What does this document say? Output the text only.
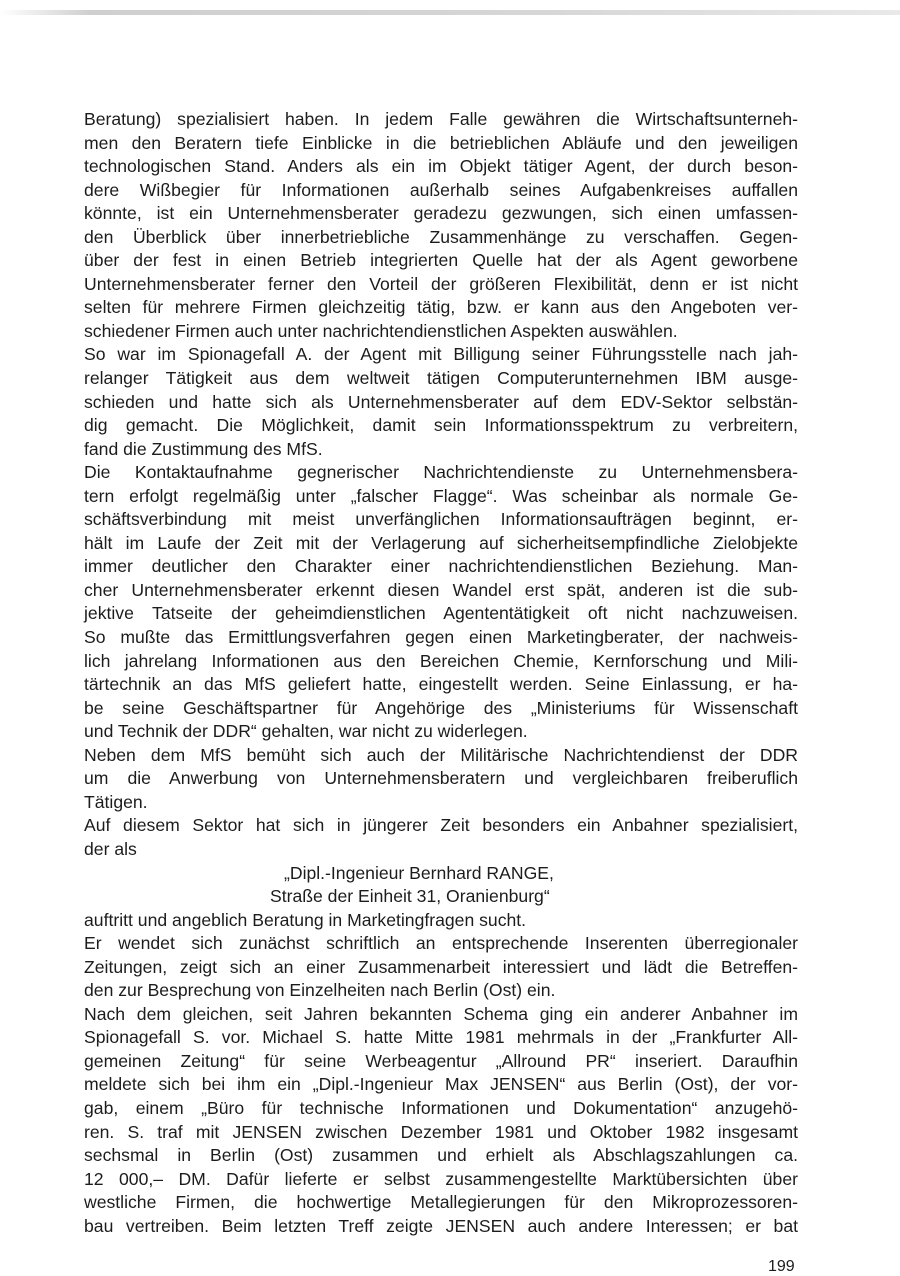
Beratung) spezialisiert haben. In jedem Falle gewähren die Wirtschaftsunterneh-
men den Beratern tiefe Einblicke in die betrieblichen Abläufe und den jeweiligen
technologischen Stand. Anders als ein im Objekt tätiger Agent, der durch beson-
dere Wißbegier für Informationen außerhalb seines Aufgabenkreises auffallen
könnte, ist ein Unternehmensberater geradezu gezwungen, sich einen umfassen-
den Überblick über innerbetriebliche Zusammenhänge zu verschaffen. Gegen-
über der fest in einen Betrieb integrierten Quelle hat der als Agent geworbene
Unternehmensberater ferner den Vorteil der größeren Flexibilität, denn er ist nicht
selten für mehrere Firmen gleichzeitig tätig, bzw. er kann aus den Angeboten ver-
schiedener Firmen auch unter nachrichtendienstlichen Aspekten auswählen.
So war im Spionagefall A. der Agent mit Billigung seiner Führungsstelle nach jah-
relanger Tätigkeit aus dem weltweit tätigen Computerunternehmen IBM ausge-
schieden und hatte sich als Unternehmensberater auf dem EDV-Sektor selbstän-
dig gemacht. Die Möglichkeit, damit sein Informationsspektrum zu verbreitern,
fand die Zustimmung des MfS.
Die Kontaktaufnahme gegnerischer Nachrichtendienste zu Unternehmensbera-
tern erfolgt regelmäßig unter „falscher Flagge“. Was scheinbar als normale Ge-
schäftsverbindung mit meist unverfänglichen Informationsaufträgen beginnt, er-
hält im Laufe der Zeit mit der Verlagerung auf sicherheitsempfindliche Zielobjekte
immer deutlicher den Charakter einer nachrichtendienstlichen Beziehung. Man-
cher Unternehmensberater erkennt diesen Wandel erst spät, anderen ist die sub-
jektive Tatseite der geheimdienstlichen Agententätigkeit oft nicht nachzuweisen.
So mußte das Ermittlungsverfahren gegen einen Marketingberater, der nachweis-
lich jahrelang Informationen aus den Bereichen Chemie, Kernforschung und Mili-
tärtechnik an das MfS geliefert hatte, eingestellt werden. Seine Einlassung, er ha-
be seine Geschäftspartner für Angehörige des „Ministeriums für Wissenschaft
und Technik der DDR“ gehalten, war nicht zu widerlegen.
Neben dem MfS bemüht sich auch der Militärische Nachrichtendienst der DDR
um die Anwerbung von Unternehmensberatern und vergleichbaren freiberuflich
Tätigen.
Auf diesem Sektor hat sich in jüngerer Zeit besonders ein Anbahner spezialisiert,
der als
„Dipl.-Ingenieur Bernhard RANGE,
Straße der Einheit 31, Oranienburg“
auftritt und angeblich Beratung in Marketingfragen sucht.
Er wendet sich zunächst schriftlich an entsprechende Inserenten überregionaler
Zeitungen, zeigt sich an einer Zusammenarbeit interessiert und lädt die Betreffen-
den zur Besprechung von Einzelheiten nach Berlin (Ost) ein.
Nach dem gleichen, seit Jahren bekannten Schema ging ein anderer Anbahner im
Spionagefall S. vor. Michael S. hatte Mitte 1981 mehrmals in der „Frankfurter All-
gemeinen Zeitung“ für seine Werbeagentur „Allround PR“ inseriert. Daraufhin
meldete sich bei ihm ein „Dipl.-Ingenieur Max JENSEN“ aus Berlin (Ost), der vor-
gab, einem „Büro für technische Informationen und Dokumentation“ anzugehö-
ren. S. traf mit JENSEN zwischen Dezember 1981 und Oktober 1982 insgesamt
sechsmal in Berlin (Ost) zusammen und erhielt als Abschlagszahlungen ca.
12 000,– DM. Dafür lieferte er selbst zusammengestellte Marktübersichten über
westliche Firmen, die hochwertige Metallegierungen für den Mikroprozessoren-
bau vertreiben. Beim letzten Treff zeigte JENSEN auch andere Interessen; er bat
199
